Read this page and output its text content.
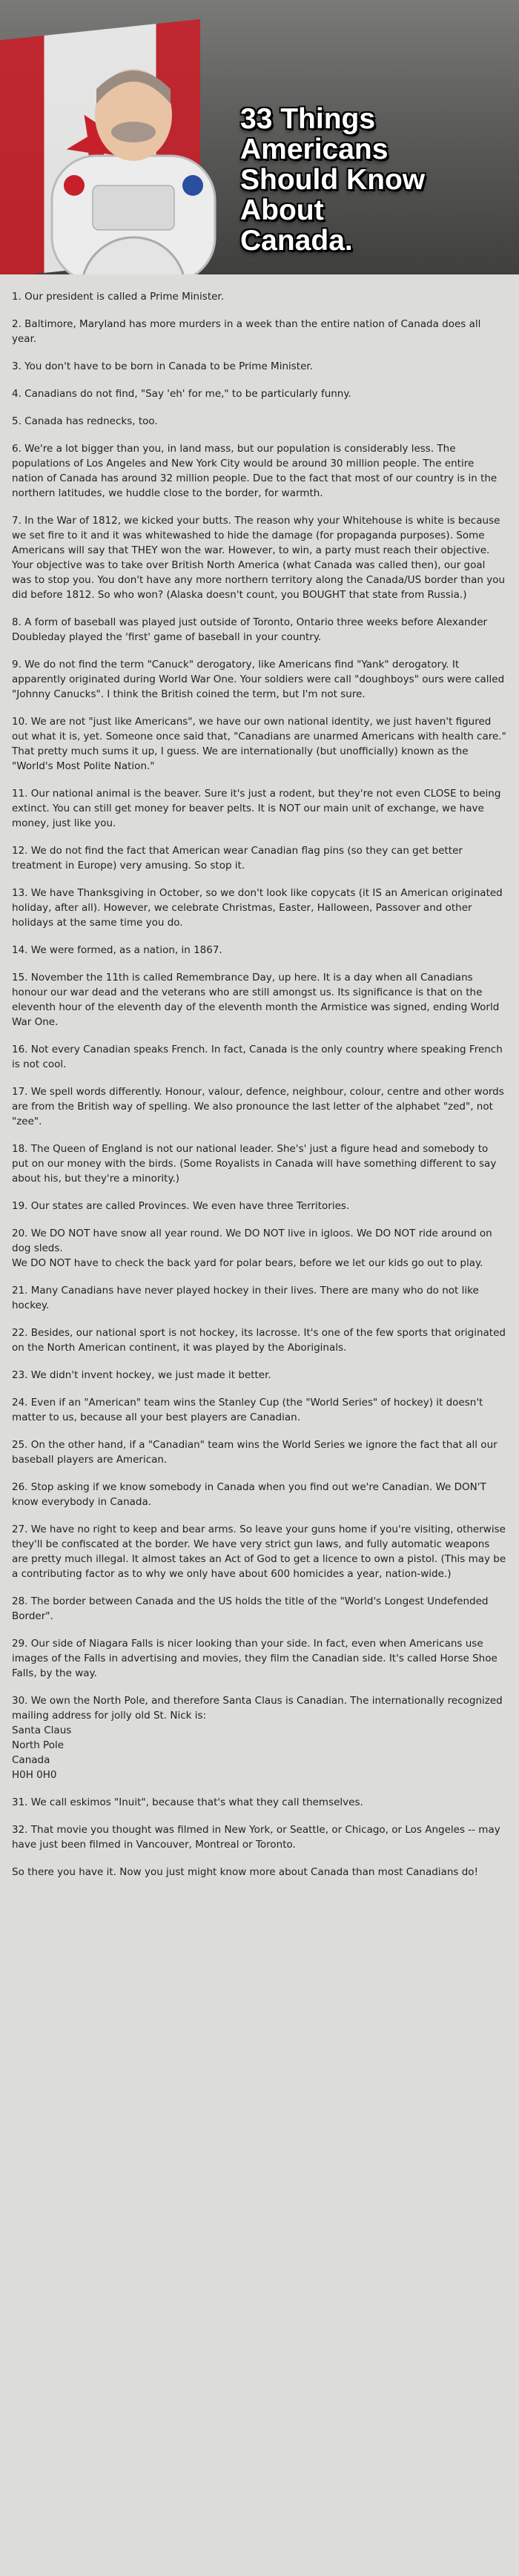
33 Things Americans
Should Know About
Canada.
1. Our president is called a Prime Minister.
2. Baltimore, Maryland has more murders in a week than the entire nation of Canada does all year.
3. You don't have to be born in Canada to be Prime Minister.
4. Canadians do not find, "Say 'eh' for me," to be particularly funny.
5. Canada has rednecks, too.
6. We're a lot bigger than you, in land mass, but our population is considerably less. The populations of Los Angeles and New York City would be around 30 million people. The entire nation of Canada has around 32 million people. Due to the fact that most of our country is in the northern latitudes, we huddle close to the border, for warmth.
7. In the War of 1812, we kicked your butts. The reason why your Whitehouse is white is because we set fire to it and it was whitewashed to hide the damage (for propaganda purposes). Some Americans will say that THEY won the war. However, to win, a party must reach their objective. Your objective was to take over British North America (what Canada was called then), our goal was to stop you. You don't have any more northern territory along the Canada/US border than you did before 1812. So who won? (Alaska doesn't count, you BOUGHT that state from Russia.)
8. A form of baseball was played just outside of Toronto, Ontario three weeks before Alexander Doubleday played the 'first' game of baseball in your country.
9. We do not find the term "Canuck" derogatory, like Americans find "Yank" derogatory. It apparently originated during World War One. Your soldiers were call "doughboys" ours were called "Johnny Canucks". I think the British coined the term, but I'm not sure.
10. We are not "just like Americans", we have our own national identity, we just haven't figured out what it is, yet. Someone once said that, "Canadians are unarmed Americans with health care." That pretty much sums it up, I guess. We are internationally (but unofficially) known as the "World's Most Polite Nation."
11. Our national animal is the beaver. Sure it's just a rodent, but they're not even CLOSE to being extinct. You can still get money for beaver pelts. It is NOT our main unit of exchange, we have money, just like you.
12. We do not find the fact that American wear Canadian flag pins (so they can get better treatment in Europe) very amusing. So stop it.
13. We have Thanksgiving in October, so we don't look like copycats (it IS an American originated holiday, after all). However, we celebrate Christmas, Easter, Halloween, Passover and other holidays at the same time you do.
14. We were formed, as a nation, in 1867.
15. November the 11th is called Remembrance Day, up here. It is a day when all Canadians honour our war dead and the veterans who are still amongst us. Its significance is that on the eleventh hour of the eleventh day of the eleventh month the Armistice was signed, ending World War One.
16. Not every Canadian speaks French. In fact, Canada is the only country where speaking French is not cool.
17. We spell words differently. Honour, valour, defence, neighbour, colour, centre and other words are from the British way of spelling. We also pronounce the last letter of the alphabet "zed", not "zee".
18. The Queen of England is not our national leader. She's' just a figure head and somebody to put on our money with the birds. (Some Royalists in Canada will have something different to say about his, but they're a minority.)
19. Our states are called Provinces. We even have three Territories.
20. We DO NOT have snow all year round. We DO NOT live in igloos. We DO NOT ride around on dog sleds.
We DO NOT have to check the back yard for polar bears, before we let our kids go out to play.
21. Many Canadians have never played hockey in their lives. There are many who do not like hockey.
22. Besides, our national sport is not hockey, its lacrosse. It's one of the few sports that originated on the North American continent, it was played by the Aboriginals.
23. We didn't invent hockey, we just made it better.
24. Even if an "American" team wins the Stanley Cup (the "World Series" of hockey) it doesn't matter to us, because all your best players are Canadian.
25. On the other hand, if a "Canadian" team wins the World Series we ignore the fact that all our baseball players are American.
26. Stop asking if we know somebody in Canada when you find out we're Canadian. We DON'T know everybody in Canada.
27. We have no right to keep and bear arms. So leave your guns home if you're visiting, otherwise they'll be confiscated at the border. We have very strict gun laws, and fully automatic weapons are pretty much illegal. It almost takes an Act of God to get a licence to own a pistol. (This may be a contributing factor as to why we only have about 600 homicides a year, nation-wide.)
28. The border between Canada and the US holds the title of the "World's Longest Undefended Border".
29. Our side of Niagara Falls is nicer looking than your side. In fact, even when Americans use images of the Falls in advertising and movies, they film the Canadian side. It's called Horse Shoe Falls, by the way.
30. We own the North Pole, and therefore Santa Claus is Canadian. The internationally recognized mailing address for jolly old St. Nick is:
Santa Claus
North Pole
Canada
H0H 0H0
31. We call eskimos "Inuit", because that's what they call themselves.
32. That movie you thought was filmed in New York, or Seattle, or Chicago, or Los Angeles -- may have just been filmed in Vancouver, Montreal or Toronto.
So there you have it. Now you just might know more about Canada than most Canadians do!
